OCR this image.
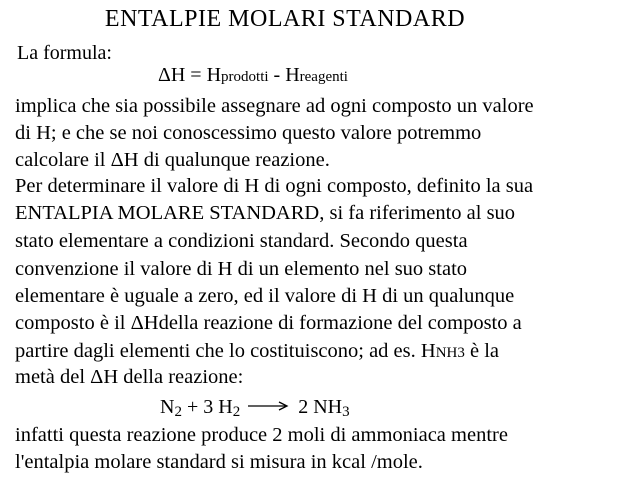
ENTALPIE MOLARI STANDARD
La formula:
ΔH = Hprodotti - Hreagenti
implica che sia possibile assegnare ad ogni composto un valore
di H; e che se noi conoscessimo questo valore potremmo
calcolare il ΔH di qualunque reazione.
Per determinare il valore di H di ogni composto, definito la sua
ENTALPIA MOLARE STANDARD, si fa riferimento al suo
stato elementare a condizioni standard. Secondo questa
convenzione il valore di H di un elemento nel suo stato
elementare è uguale a zero, ed il valore di H di un qualunque
composto è il ΔHdella reazione di formazione del composto a
partire dagli elementi che lo costituiscono; ad es. HNH3 è la
metà del ΔH della reazione:
N2 + 3 H2 → 2 NH3
infatti questa reazione produce 2 moli di ammoniaca mentre
l'entalpia molare standard si misura in kcal /mole.
